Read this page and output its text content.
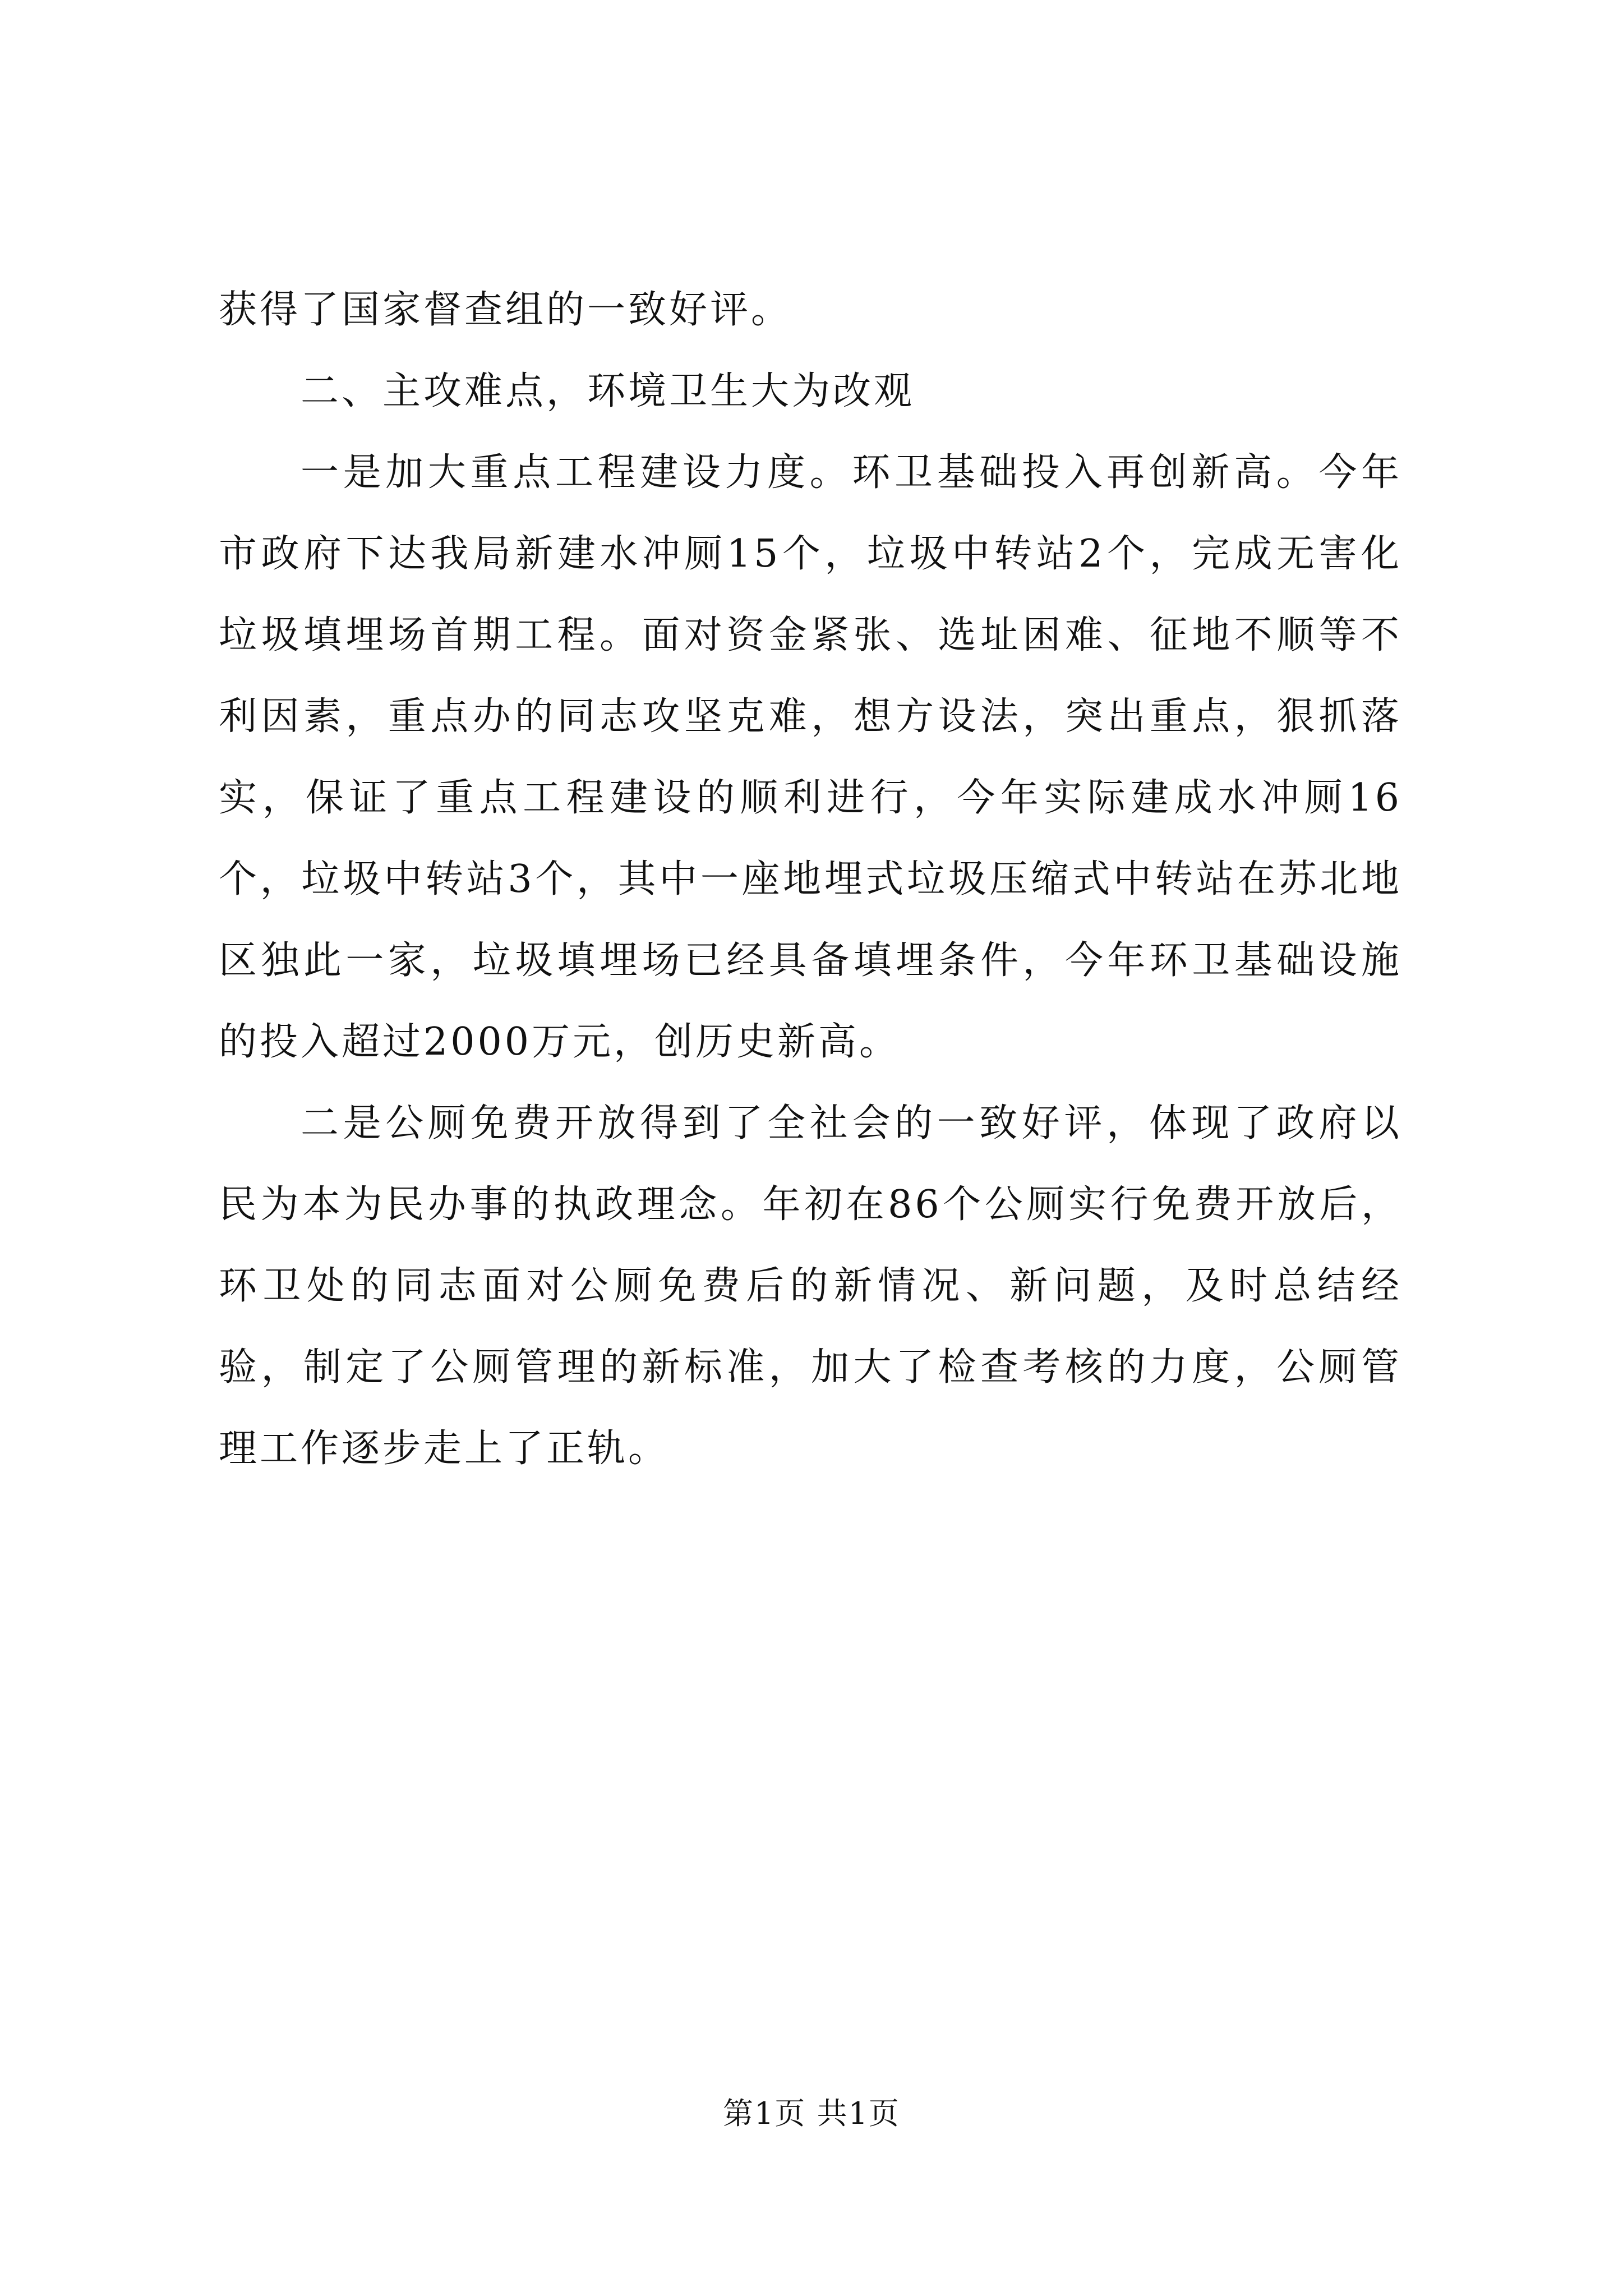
获得了国家督查组的一致好评。

二、主攻难点，环境卫生大为改观

一是加大重点工程建设力度。环卫基础投入再创新高。今年市政府下达我局新建水冲厕15个，垃圾中转站2个，完成无害化垃圾填埋场首期工程。面对资金紧张、选址困难、征地不顺等不利因素，重点办的同志攻坚克难，想方设法，突出重点，狠抓落实，保证了重点工程建设的顺利进行，今年实际建成水冲厕16个，垃圾中转站3个，其中一座地埋式垃圾压缩式中转站在苏北地区独此一家，垃圾填埋场已经具备填埋条件，今年环卫基础设施的投入超过2000万元，创历史新高。

二是公厕免费开放得到了全社会的一致好评，体现了政府以民为本为民办事的执政理念。年初在86个公厕实行免费开放后，环卫处的同志面对公厕免费后的新情况、新问题，及时总结经验，制定了公厕管理的新标准，加大了检查考核的力度，公厕管理工作逐步走上了正轨。

第1页 共1页
